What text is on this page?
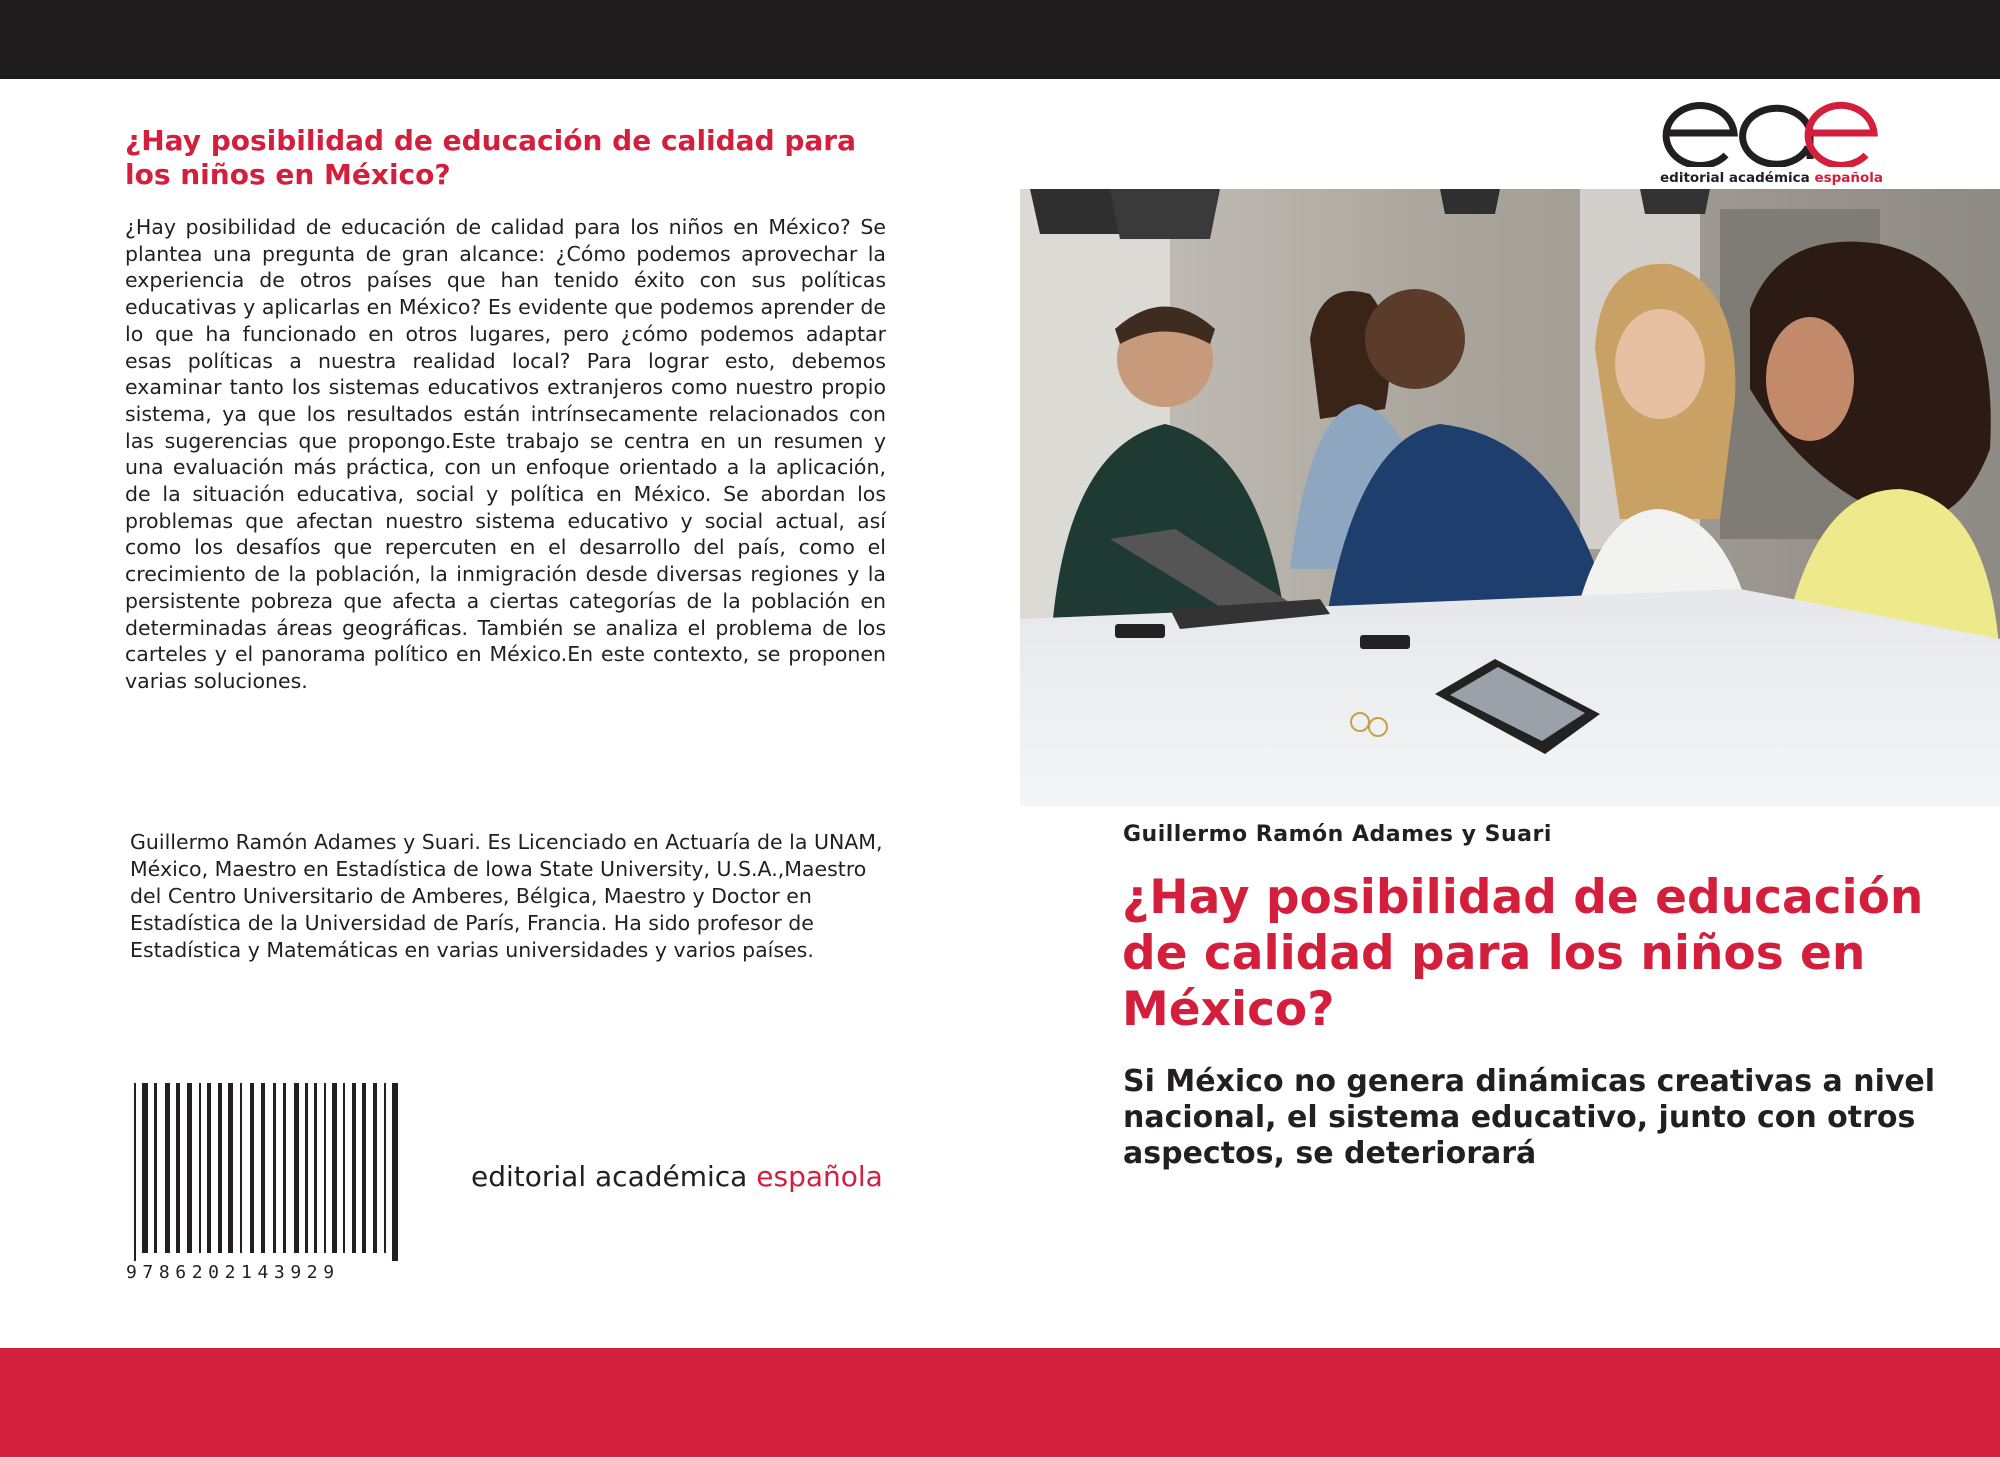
¿Hay posibilidad de educación de calidad para los niños en México?

¿Hay posibilidad de educación de calidad para los niños en México? Se plantea una pregunta de gran alcance: ¿Cómo podemos aprovechar la experiencia de otros países que han tenido éxito con sus políticas educativas y aplicarlas en México? Es evidente que podemos aprender de lo que ha funcionado en otros lugares, pero ¿cómo podemos adaptar esas políticas a nuestra realidad local? Para lograr esto, debemos examinar tanto los sistemas educativos extranjeros como nuestro propio sistema, ya que los resultados están intrínsecamente relacionados con las sugerencias que propongo.Este trabajo se centra en un resumen y una evaluación más práctica, con un enfoque orientado a la aplicación, de la situación educativa, social y política en México. Se abordan los problemas que afectan nuestro sistema educativo y social actual, así como los desafíos que repercuten en el desarrollo del país, como el crecimiento de la población, la inmigración desde diversas regiones y la persistente pobreza que afecta a ciertas categorías de la población en determinadas áreas geográficas. También se analiza el problema de los carteles y el panorama político en México.En este contexto, se proponen varias soluciones.

Guillermo Ramón Adames y Suari. Es Licenciado en Actuaría de la UNAM, México, Maestro en Estadística de lowa State University, U.S.A.,Maestro del Centro Universitario de Amberes, Bélgica, Maestro y Doctor en Estadística de la Universidad de París, Francia. Ha sido profesor de Estadística y Matemáticas en varias universidades y varios países.

9786202143929
editorial académica española
editorial académica española
Guillermo Ramón Adames y Suari
¿Hay posibilidad de educación de calidad para los niños en México?

Si México no genera dinámicas creativas a nivel nacional, el sistema educativo, junto con otros aspectos, se deteriorará
